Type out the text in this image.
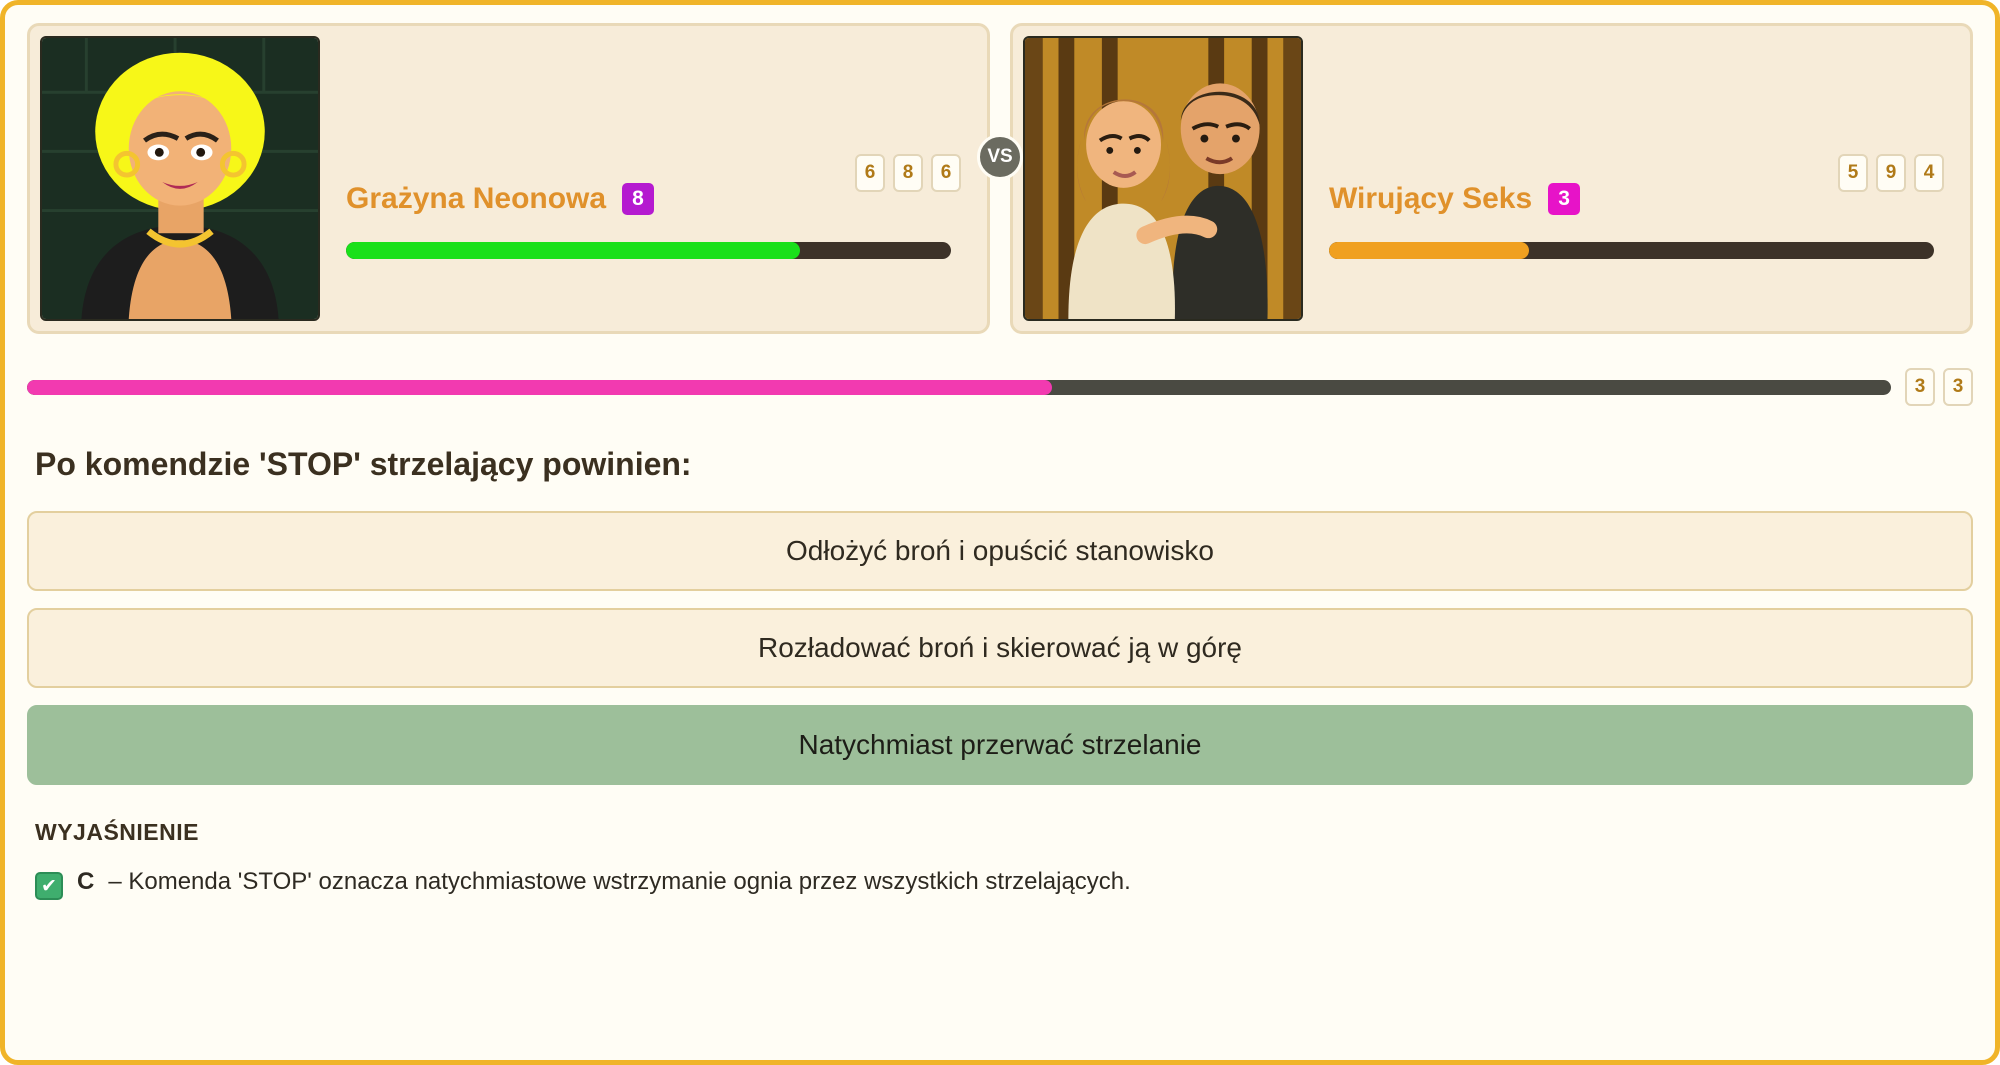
Grażyna Neonowa	8
6	8	6
Wirujący Seks	3
5	9	4
VS
3	3
Po komendzie 'STOP' strzelający powinien:
Odłożyć broń i opuścić stanowisko
Rozładować broń i skierować ją w górę
Natychmiast przerwać strzelanie
WYJAŚNIENIE
✔ C – Komenda 'STOP' oznacza natychmiastowe wstrzymanie ognia przez wszystkich strzelających.
